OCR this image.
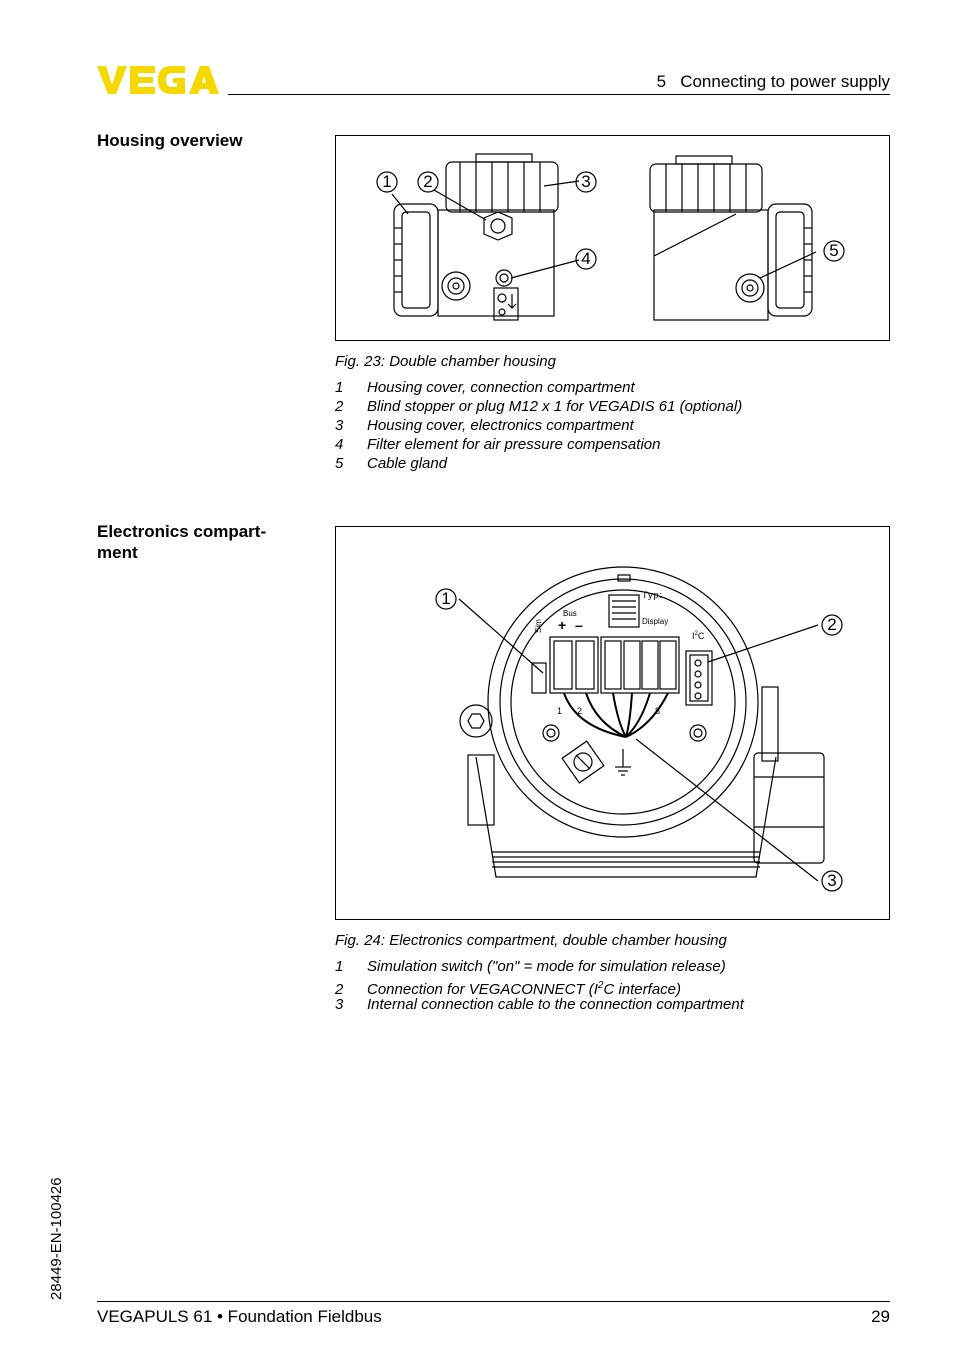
5   Connecting to power supply
Housing overview
1 2	3
4	5
Fig. 23: Double chamber housing
1 Housing cover, connection compartment
2 Blind stopper or plug M12 x 1 for VEGADIS 61 (optional)
3 Housing cover, electronics compartment
4 Filter element for air pressure compensation
5 Cable gland
Electronics compart-
ment
1
2
3
Typ:
Display
Bus
+ –
Sim
$I^2C$
1 2	8
Fig. 24: Electronics compartment, double chamber housing
1 Simulation switch ("on" = mode for simulation release)
2 Connection for VEGACONNECT ($I^2C$ interface)
3 Internal connection cable to the connection compartment
28449-EN-100426
VEGAPULS 61 • Foundation Fieldbus	29
